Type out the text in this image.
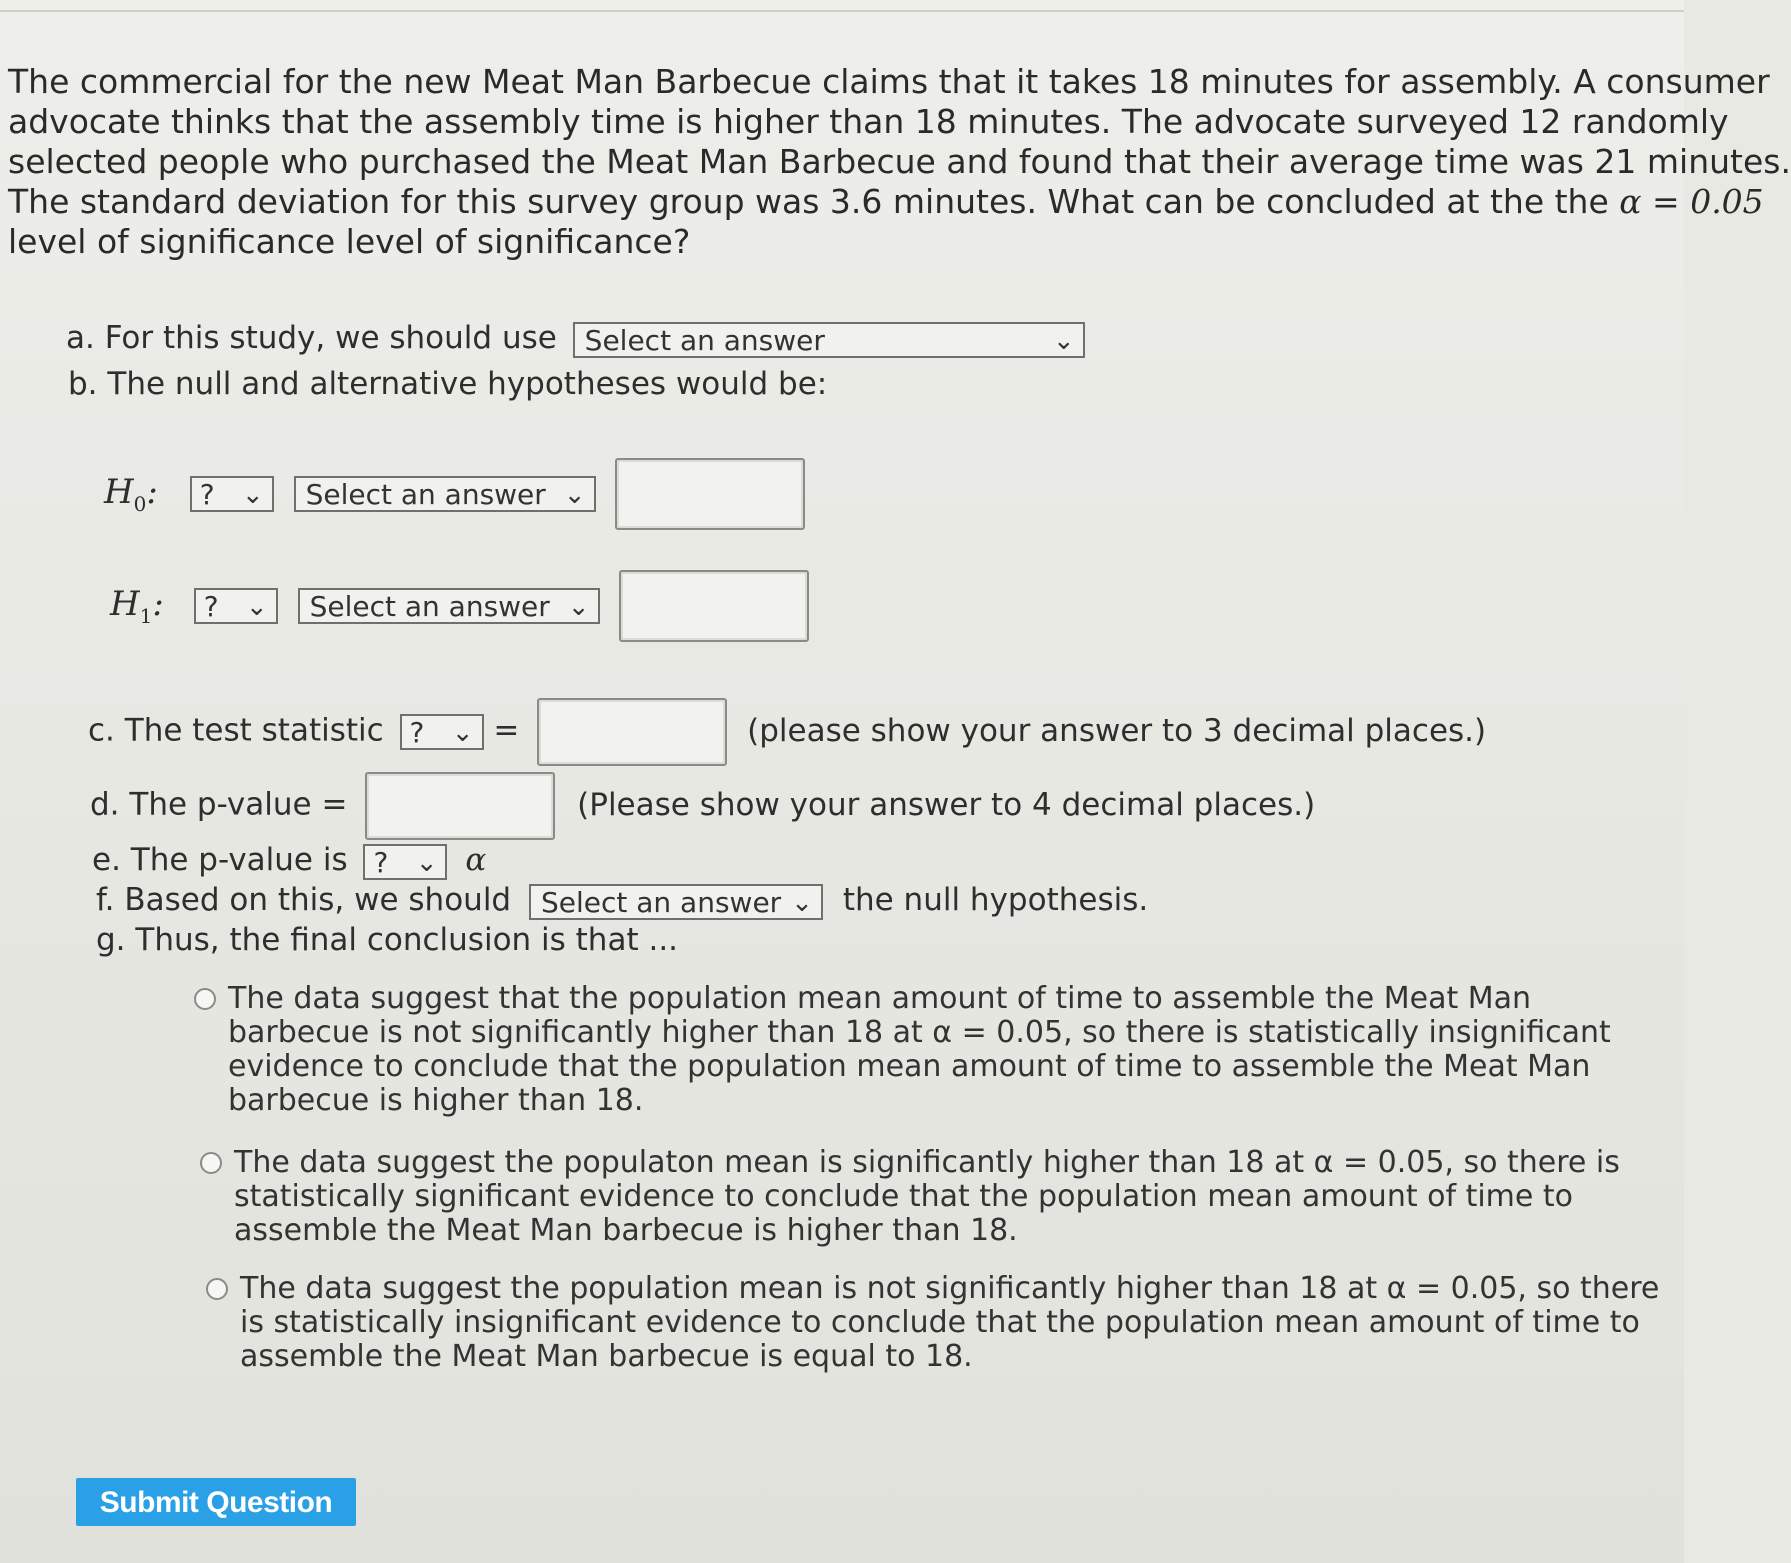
The commercial for the new Meat Man Barbecue claims that it takes 18 minutes for assembly. A consumer
advocate thinks that the assembly time is higher than 18 minutes. The advocate surveyed 12 randomly
selected people who purchased the Meat Man Barbecue and found that their average time was 21 minutes.
The standard deviation for this survey group was 3.6 minutes. What can be concluded at the the α = 0.05
level of significance level of significance?
a. For this study, we should use Select an answer	⌄
b. The null and alternative hypotheses would be:
$H_0$: ? ⌄ Select an answer ⌄

$H_1$: ? ⌄ Select an answer ⌄

c. The test statistic ? ⌄ =	(please show your answer to 3 decimal places.)
d. The p-value =	(Please show your answer to 4 decimal places.)
e. The p-value is ? ⌄ α
f. Based on this, we should Select an answer ⌄ the null hypothesis.
g. Thus, the final conclusion is that ...
The data suggest that the population mean amount of time to assemble the Meat Man
barbecue is not significantly higher than 18 at α = 0.05, so there is statistically insignificant
evidence to conclude that the population mean amount of time to assemble the Meat Man
barbecue is higher than 18.
The data suggest the populaton mean is significantly higher than 18 at α = 0.05, so there is
statistically significant evidence to conclude that the population mean amount of time to
assemble the Meat Man barbecue is higher than 18.
The data suggest the population mean is not significantly higher than 18 at α = 0.05, so there
is statistically insignificant evidence to conclude that the population mean amount of time to
assemble the Meat Man barbecue is equal to 18.
Submit Question
